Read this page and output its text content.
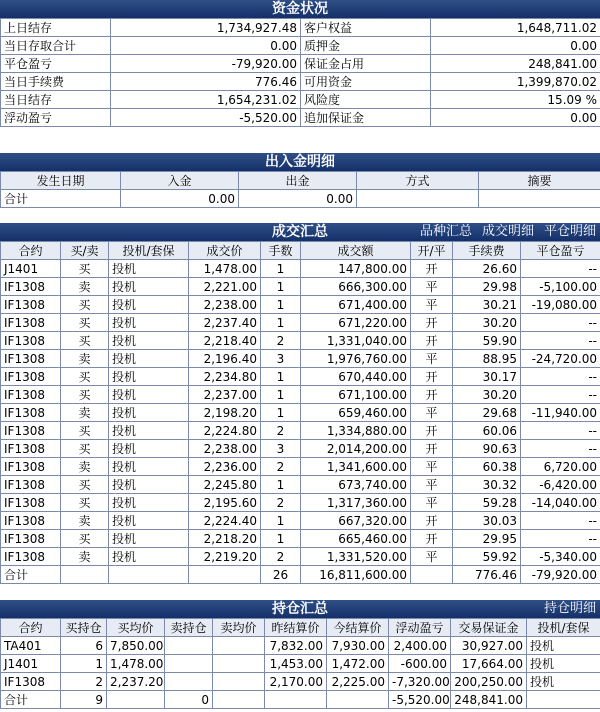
资金状况
上日结存	1,734,927.48	客户权益	1,648,711.02
当日存取合计	0.00	质押金	0.00
平仓盈亏	-79,920.00	保证金占用	248,841.00
当日手续费	776.46	可用资金	1,399,870.02
当日结存	1,654,231.02	风险度	15.09 %
浮动盈亏	-5,520.00	追加保证金	0.00
出入金明细
发生日期	入金	出金	方式	摘要
合计	0.00	0.00		
成交汇总	品种汇总 成交明细 平仓明细
合约	买/卖	投机/套保	成交价	手数	成交额	开/平	手续费	平仓盈亏
J1401	买	投机	1,478.00	1	147,800.00	开	26.60	--
IF1308	卖	投机	2,221.00	1	666,300.00	平	29.98	-5,100.00
IF1308	买	投机	2,238.00	1	671,400.00	平	30.21	-19,080.00
IF1308	买	投机	2,237.40	1	671,220.00	开	30.20	--
IF1308	买	投机	2,218.40	2	1,331,040.00	开	59.90	--
IF1308	卖	投机	2,196.40	3	1,976,760.00	平	88.95	-24,720.00
IF1308	买	投机	2,234.80	1	670,440.00	开	30.17	--
IF1308	买	投机	2,237.00	1	671,100.00	开	30.20	--
IF1308	卖	投机	2,198.20	1	659,460.00	平	29.68	-11,940.00
IF1308	买	投机	2,224.80	2	1,334,880.00	开	60.06	--
IF1308	买	投机	2,238.00	3	2,014,200.00	开	90.63	--
IF1308	卖	投机	2,236.00	2	1,341,600.00	平	60.38	6,720.00
IF1308	买	投机	2,245.80	1	673,740.00	平	30.32	-6,420.00
IF1308	买	投机	2,195.60	2	1,317,360.00	平	59.28	-14,040.00
IF1308	卖	投机	2,224.40	1	667,320.00	开	30.03	--
IF1308	买	投机	2,218.20	1	665,460.00	开	29.95	--
IF1308	卖	投机	2,219.20	2	1,331,520.00	平	59.92	-5,340.00
合计				26	16,811,600.00		776.46	-79,920.00
持仓汇总	持仓明细
合约	买持仓	买均价	卖持仓	卖均价	昨结算价	今结算价	浮动盈亏	交易保证金	投机/套保
TA401	6	7,850.00			7,832.00	7,930.00	2,400.00	30,927.00	投机
J1401	1	1,478.00			1,453.00	1,472.00	-600.00	17,664.00	投机
IF1308	2	2,237.20			2,170.00	2,225.00	-7,320.00	200,250.00	投机
合计	9		0				-5,520.00	248,841.00	
